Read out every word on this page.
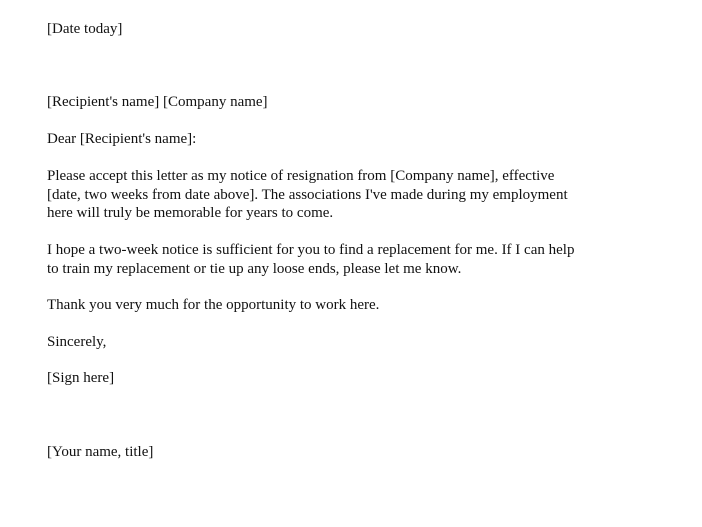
[Date today]

[Recipient's name] [Company name]

Dear [Recipient's name]:

Please accept this letter as my notice of resignation from [Company name], effective
[date, two weeks from date above]. The associations I've made during my employment
here will truly be memorable for years to come.
I hope a two-week notice is sufficient for you to find a replacement for me. If I can help
to train my replacement or tie up any loose ends, please let me know.

Thank you very much for the opportunity to work here.

Sincerely,

[Sign here]

[Your name, title]
